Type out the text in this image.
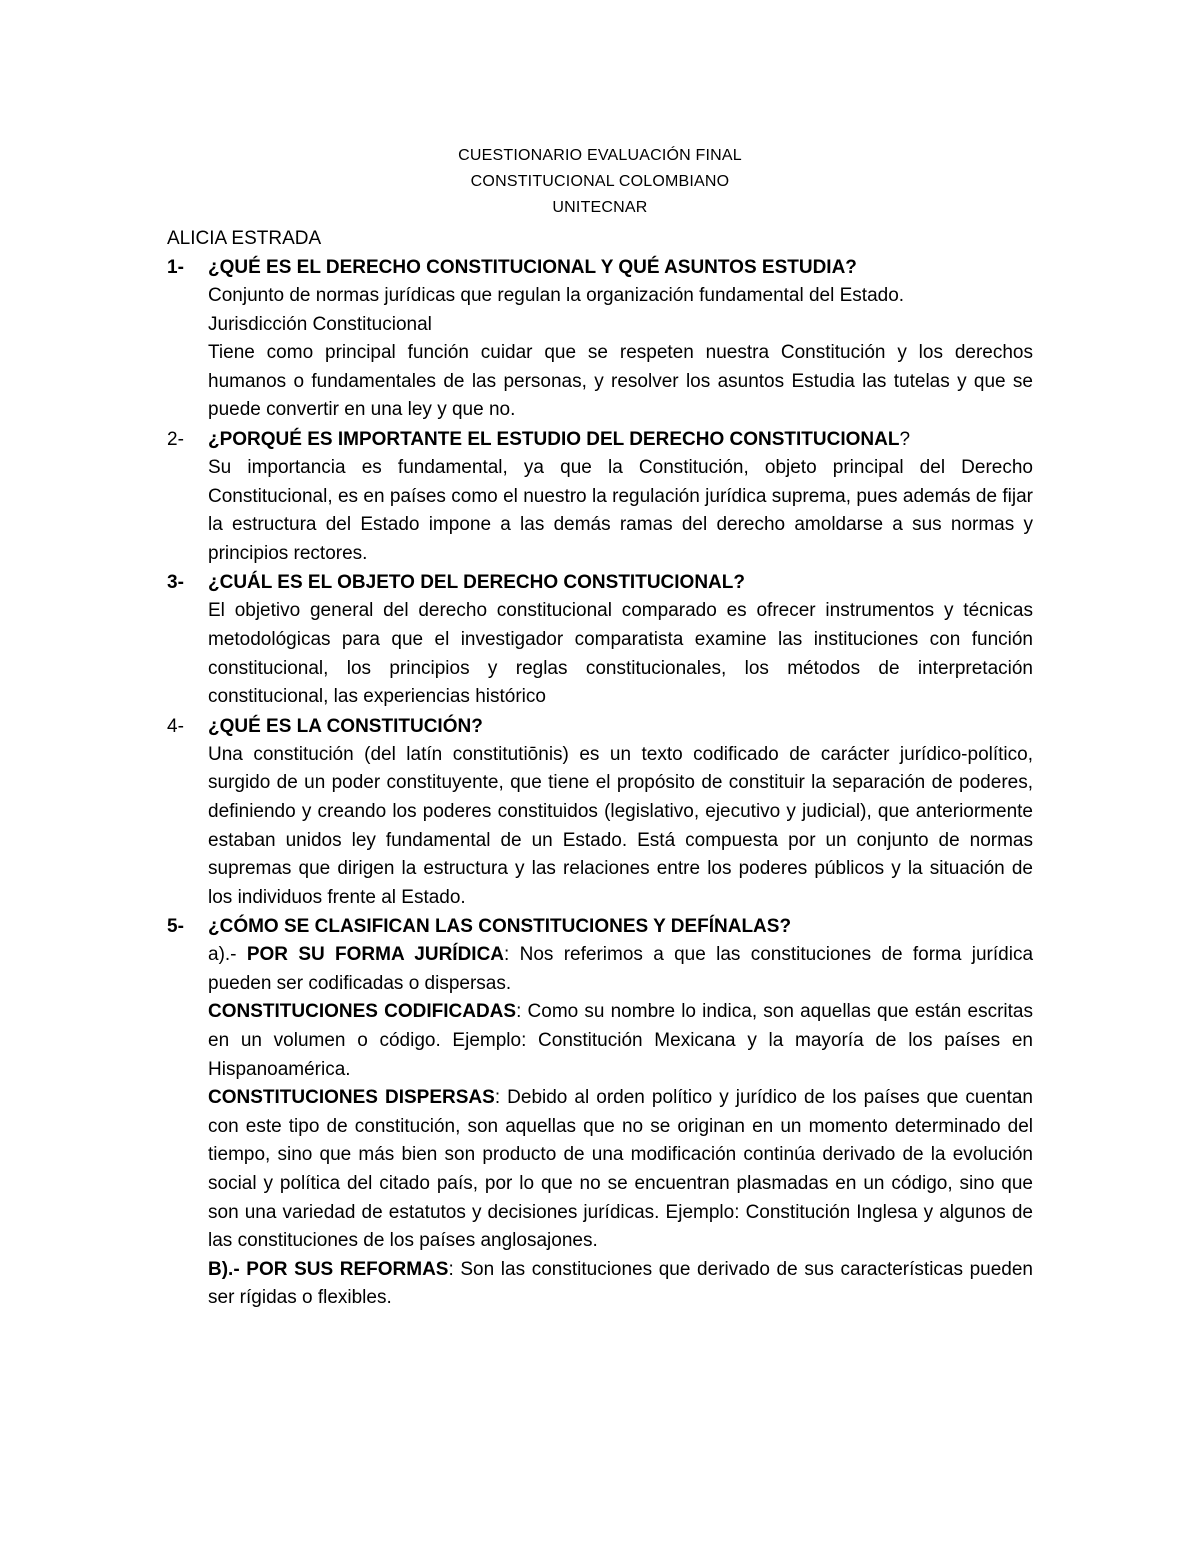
CUESTIONARIO EVALUACIÓN FINAL
CONSTITUCIONAL COLOMBIANO
UNITECNAR
ALICIA ESTRADA
1-	¿QUÉ ES EL DERECHO CONSTITUCIONAL Y QUÉ ASUNTOS ESTUDIA?

Conjunto de normas jurídicas que regulan la organización fundamental del Estado.

Jurisdicción Constitucional

Tiene como principal función cuidar que se respeten nuestra Constitución y los derechos humanos o fundamentales de las personas, y resolver los asuntos Estudia las tutelas y que se puede convertir en una ley y que no.

2-	¿PORQUÉ ES IMPORTANTE EL ESTUDIO DEL DERECHO CONSTITUCIONAL?

Su importancia es fundamental, ya que la Constitución, objeto principal del Derecho Constitucional, es en países como el nuestro la regulación jurídica suprema, pues además de fijar la estructura del Estado impone a las demás ramas del derecho amoldarse a sus normas y principios rectores.

3-	¿CUÁL ES EL OBJETO DEL DERECHO CONSTITUCIONAL?

El objetivo general del derecho constitucional comparado es ofrecer instrumentos y técnicas metodológicas para que el investigador comparatista examine las instituciones con función constitucional, los principios y reglas constitucionales, los métodos de interpretación constitucional, las experiencias histórico

4-	¿QUÉ ES LA CONSTITUCIÓN?

Una constitución (del latín constitutiōnis) es un texto codificado de carácter jurídico-político, surgido de un poder constituyente, que tiene el propósito de constituir la separación de poderes, definiendo y creando los poderes constituidos (legislativo, ejecutivo y judicial), que anteriormente estaban unidos ley fundamental de un Estado. Está compuesta por un conjunto de normas supremas que dirigen la estructura y las relaciones entre los poderes públicos y la situación de los individuos frente al Estado.

5-	¿CÓMO SE CLASIFICAN LAS CONSTITUCIONES Y DEFÍNALAS?

a).- POR SU FORMA JURÍDICA: Nos referimos a que las constituciones de forma jurídica pueden ser codificadas o dispersas.

CONSTITUCIONES CODIFICADAS: Como su nombre lo indica, son aquellas que están escritas en un volumen o código. Ejemplo: Constitución Mexicana y la mayoría de los países en Hispanoamérica.

CONSTITUCIONES DISPERSAS: Debido al orden político y jurídico de los países que cuentan con este tipo de constitución, son aquellas que no se originan en un momento determinado del tiempo, sino que más bien son producto de una modificación continúa derivado de la evolución social y política del citado país, por lo que no se encuentran plasmadas en un código, sino que son una variedad de estatutos y decisiones jurídicas. Ejemplo: Constitución Inglesa y algunos de las constituciones de los países anglosajones.

B).- POR SUS REFORMAS: Son las constituciones que derivado de sus características pueden ser rígidas o flexibles.
